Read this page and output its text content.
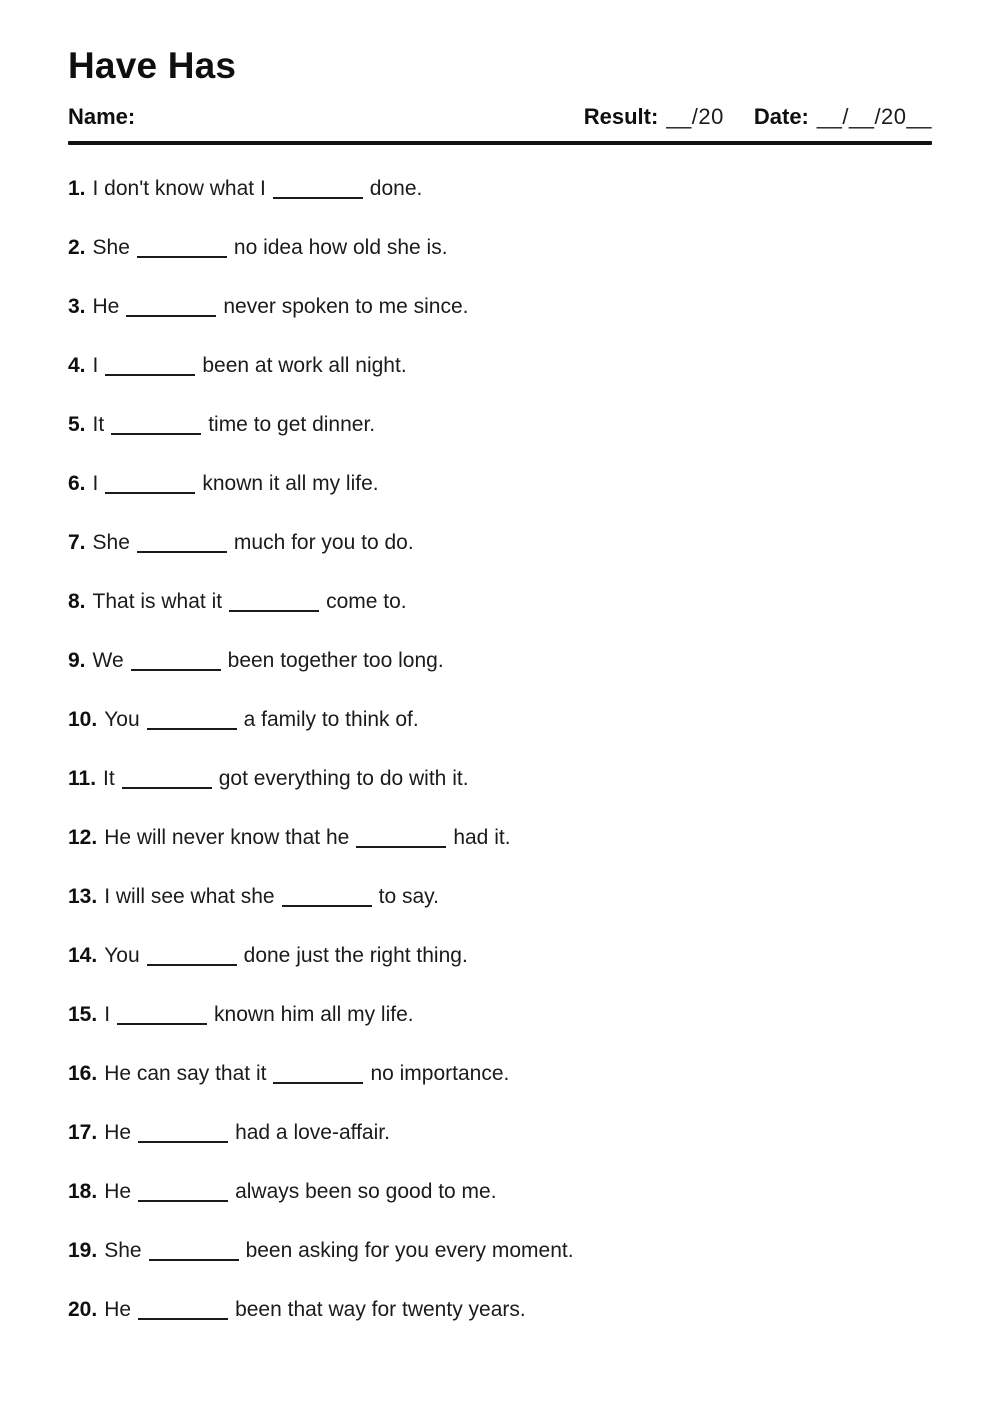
Have Has
Name:	Result: __/20 Date: __/__/20__
1. I don't know what I	done.
2. She	no idea how old she is.
3. He	never spoken to me since.
4. I	been at work all night.
5. It	time to get dinner.
6. I	known it all my life.
7. She	much for you to do.
8. That is what it	come to.
9. We	been together too long.
10. You	a family to think of.
11. It	got everything to do with it.
12. He will never know that he	had it.
13. I will see what she	to say.
14. You	done just the right thing.
15. I	known him all my life.
16. He can say that it	no importance.
17. He	had a love-affair.
18. He	always been so good to me.
19. She	been asking for you every moment.
20. He	been that way for twenty years.
